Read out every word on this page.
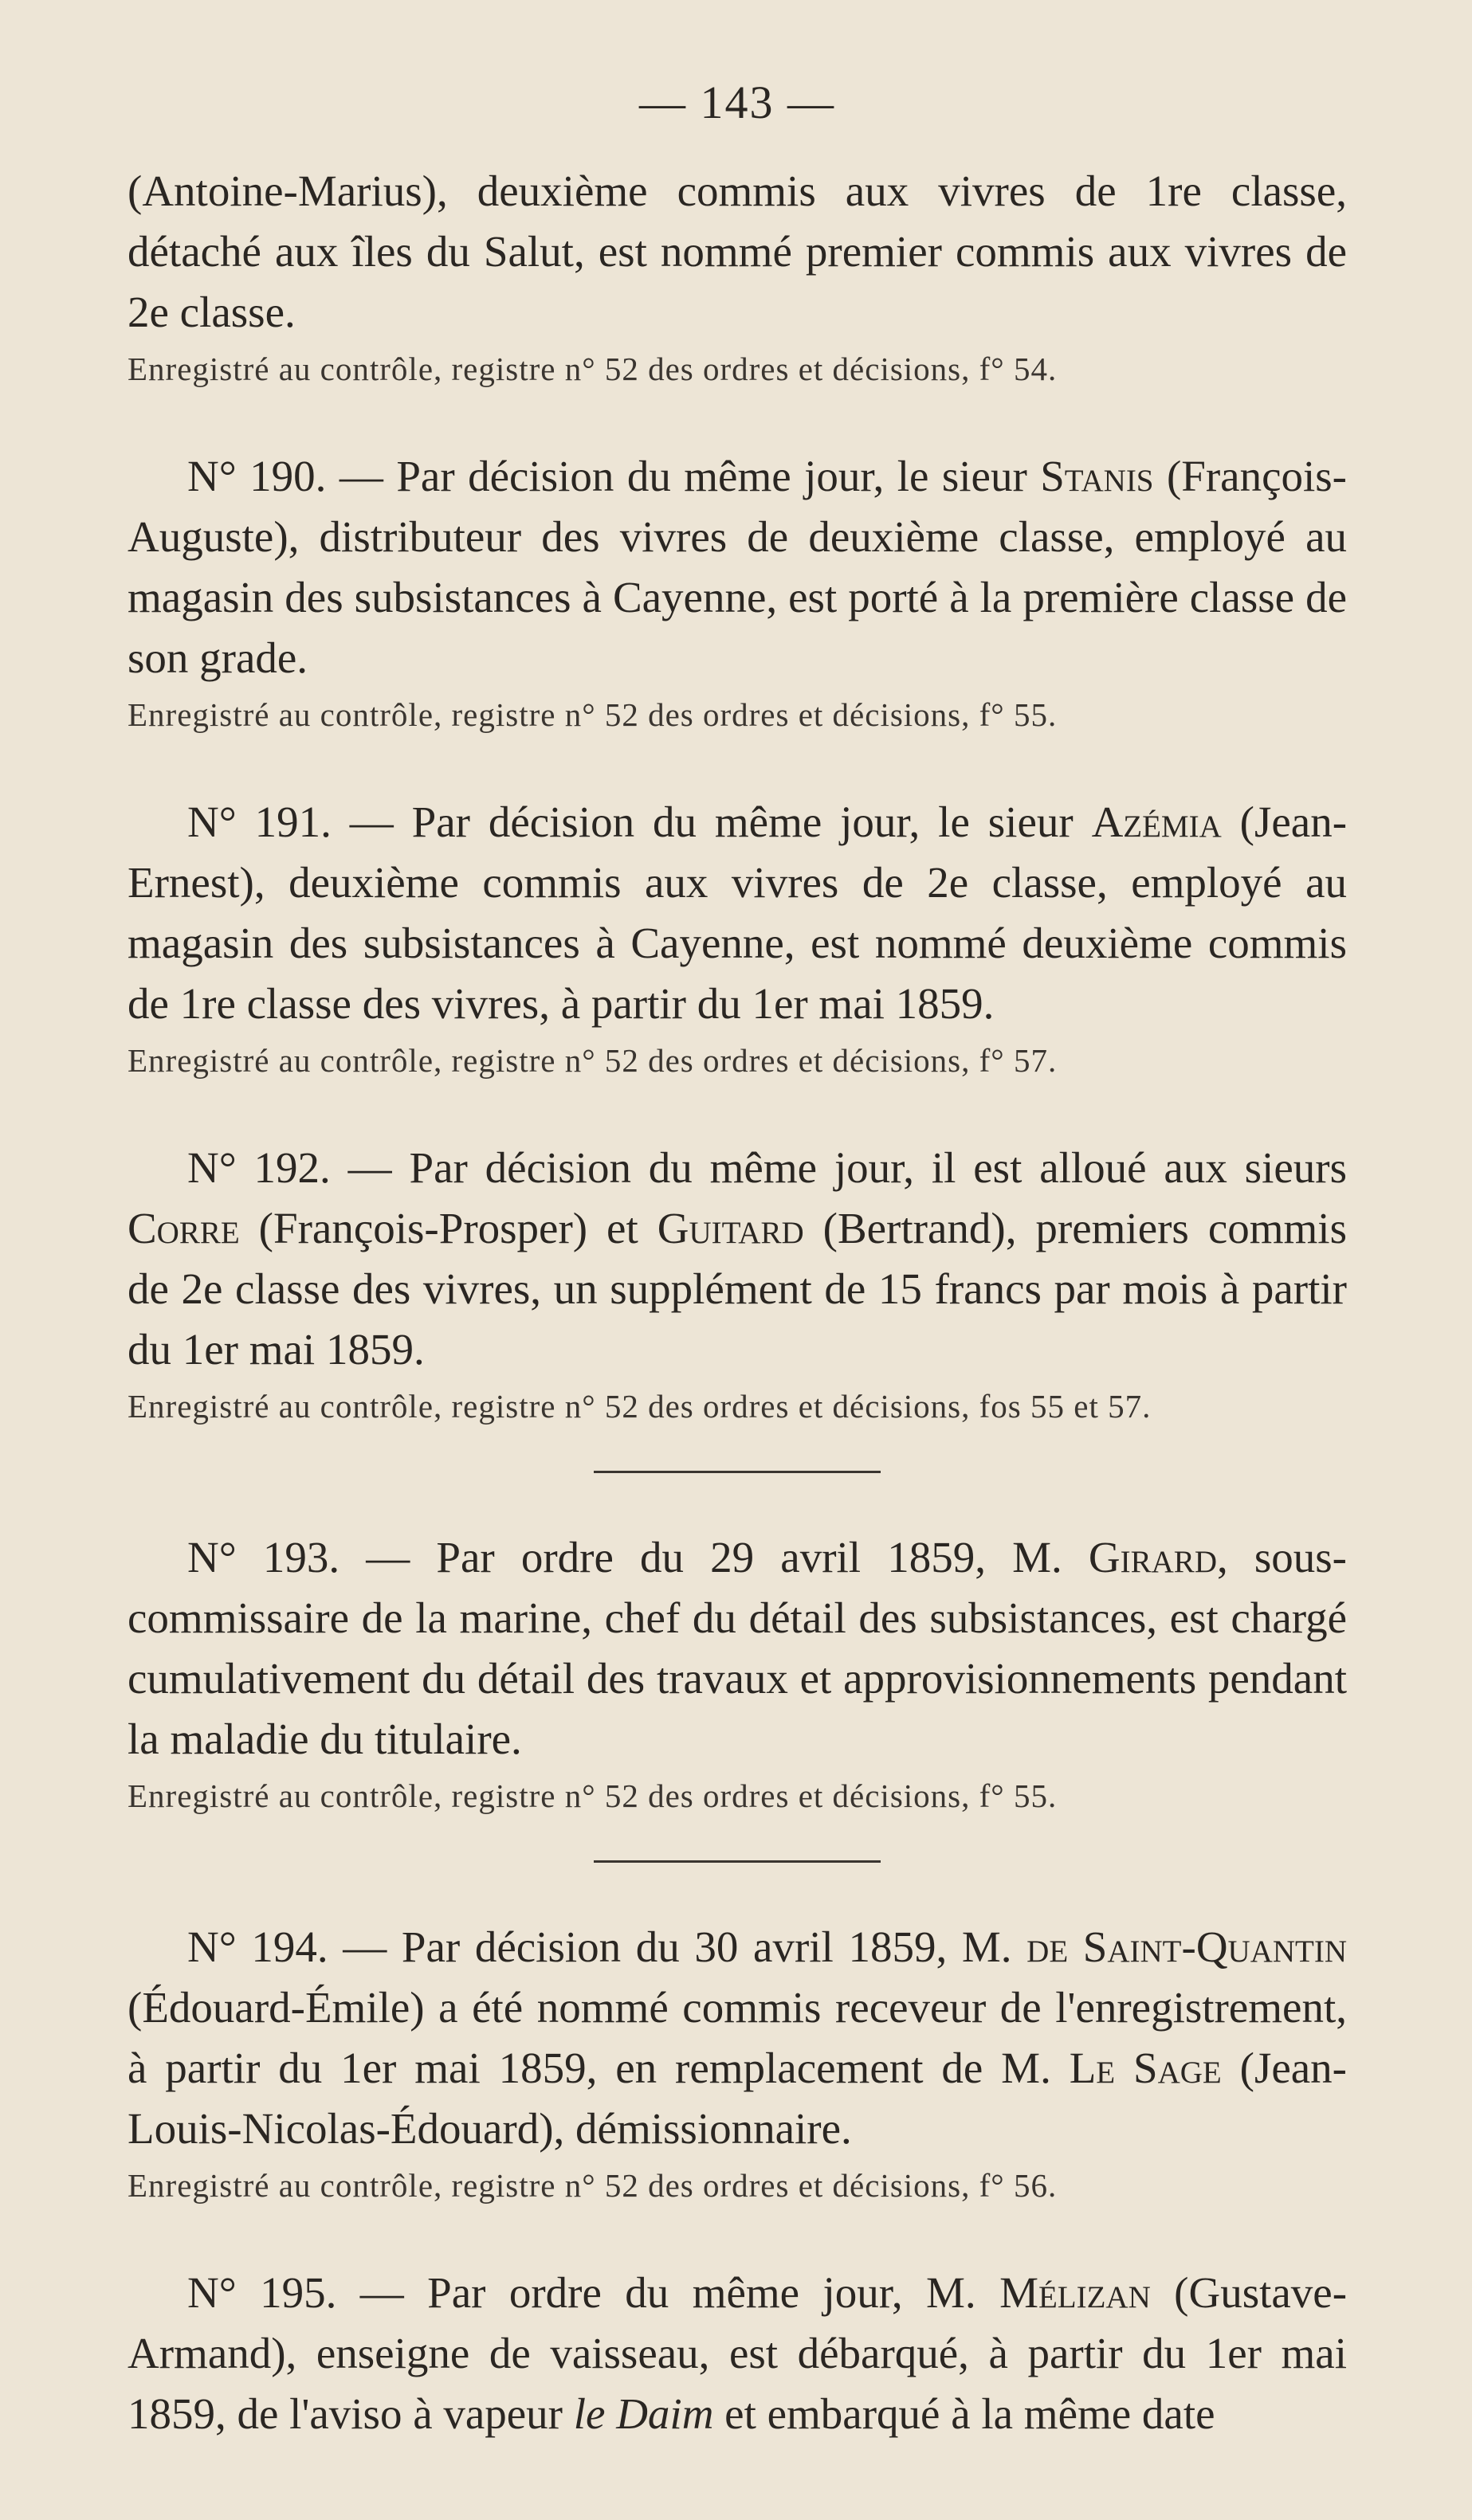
— 143 —

(Antoine-Marius), deuxième commis aux vivres de 1re classe, détaché aux îles du Salut, est nommé premier commis aux vivres de 2e classe.

Enregistré au contrôle, registre n° 52 des ordres et décisions, f° 54.

N° 190. — Par décision du même jour, le sieur Stanis (François-Auguste), distributeur des vivres de deuxième classe, employé au magasin des subsistances à Cayenne, est porté à la première classe de son grade.

Enregistré au contrôle, registre n° 52 des ordres et décisions, f° 55.

N° 191. — Par décision du même jour, le sieur Azémia (Jean-Ernest), deuxième commis aux vivres de 2e classe, employé au magasin des subsistances à Cayenne, est nommé deuxième commis de 1re classe des vivres, à partir du 1er mai 1859.

Enregistré au contrôle, registre n° 52 des ordres et décisions, f° 57.

N° 192. — Par décision du même jour, il est alloué aux sieurs Corre (François-Prosper) et Guitard (Bertrand), premiers commis de 2e classe des vivres, un supplément de 15 francs par mois à partir du 1er mai 1859.

Enregistré au contrôle, registre n° 52 des ordres et décisions, fos 55 et 57.

N° 193. — Par ordre du 29 avril 1859, M. Girard, sous-commissaire de la marine, chef du détail des subsistances, est chargé cumulativement du détail des travaux et approvisionnements pendant la maladie du titulaire.

Enregistré au contrôle, registre n° 52 des ordres et décisions, f° 55.

N° 194. — Par décision du 30 avril 1859, M. de Saint-Quantin (Édouard-Émile) a été nommé commis receveur de l'enregistrement, à partir du 1er mai 1859, en remplacement de M. Le Sage (Jean-Louis-Nicolas-Édouard), démissionnaire.

Enregistré au contrôle, registre n° 52 des ordres et décisions, f° 56.

N° 195. — Par ordre du même jour, M. Mélizan (Gustave-Armand), enseigne de vaisseau, est débarqué, à partir du 1er mai 1859, de l'aviso à vapeur le Daim et embarqué à la même date
